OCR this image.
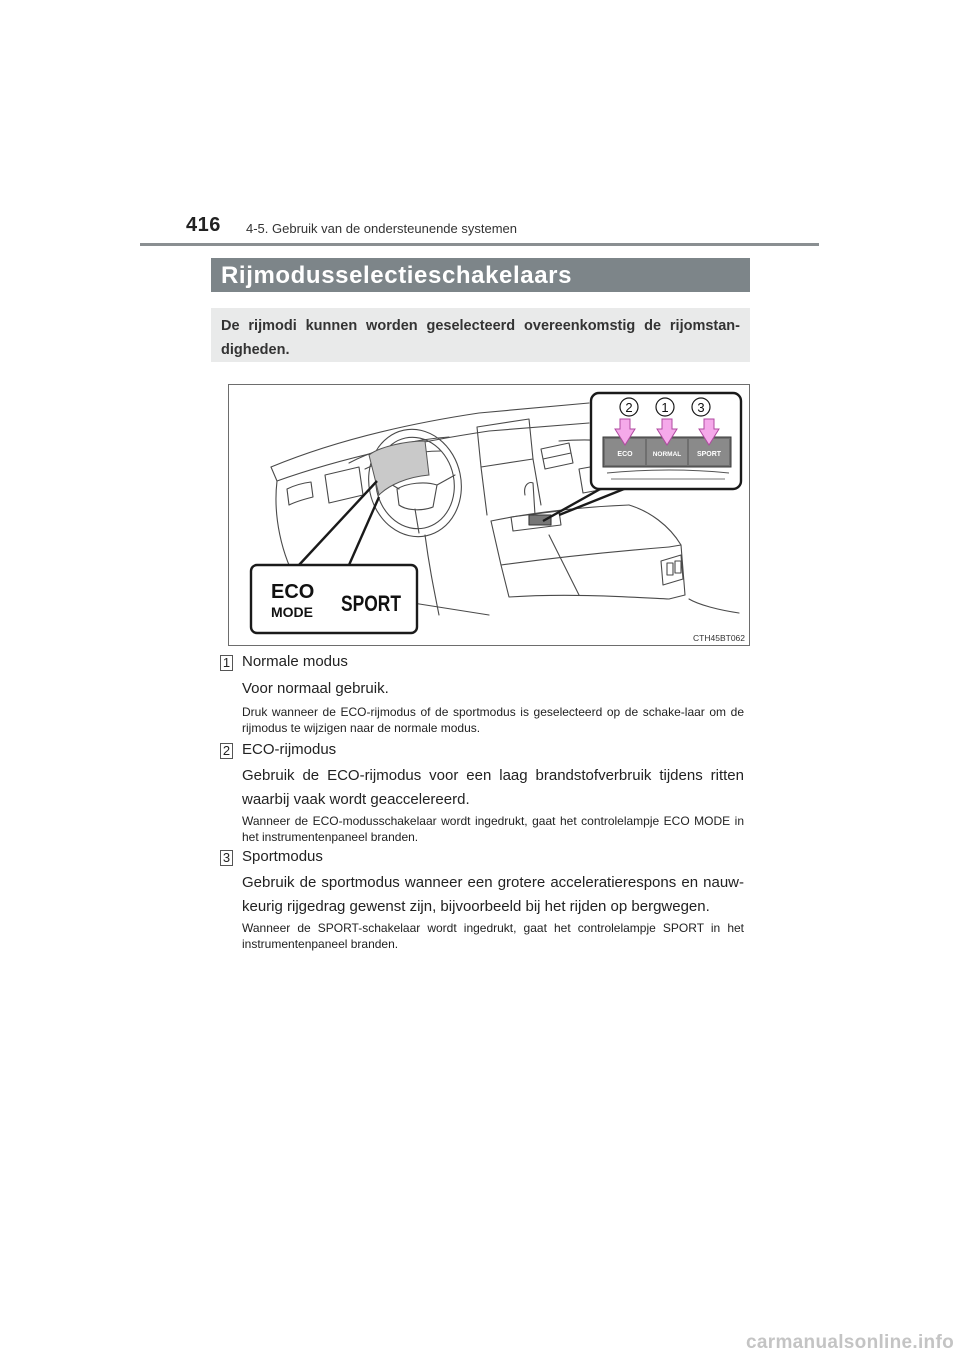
416 4-5. Gebruik van de ondersteunende systemen
Rijmodusselectieschakelaars
De rijmodi kunnen worden geselecteerd overeenkomstig de rijomstan-digheden.
ECO
MODE SPORT
ECO	NORMAL SPORT
2 1 3
CTH45BT062
1 Normale modus
Voor normaal gebruik.
Druk wanneer de ECO-rijmodus of de sportmodus is geselecteerd op de schake-laar om de rijmodus te wijzigen naar de normale modus.
2 ECO-rijmodus
Gebruik de ECO-rijmodus voor een laag brandstofverbruik tijdens ritten waarbij vaak wordt geaccelereerd.
Wanneer de ECO-modusschakelaar wordt ingedrukt, gaat het controlelampje ECO MODE in het instrumentenpaneel branden.
3 Sportmodus
Gebruik de sportmodus wanneer een grotere acceleratierespons en nauw-keurig rijgedrag gewenst zijn, bijvoorbeeld bij het rijden op bergwegen.
Wanneer de SPORT-schakelaar wordt ingedrukt, gaat het controlelampje SPORT in het instrumentenpaneel branden.
carmanualsonline.info
